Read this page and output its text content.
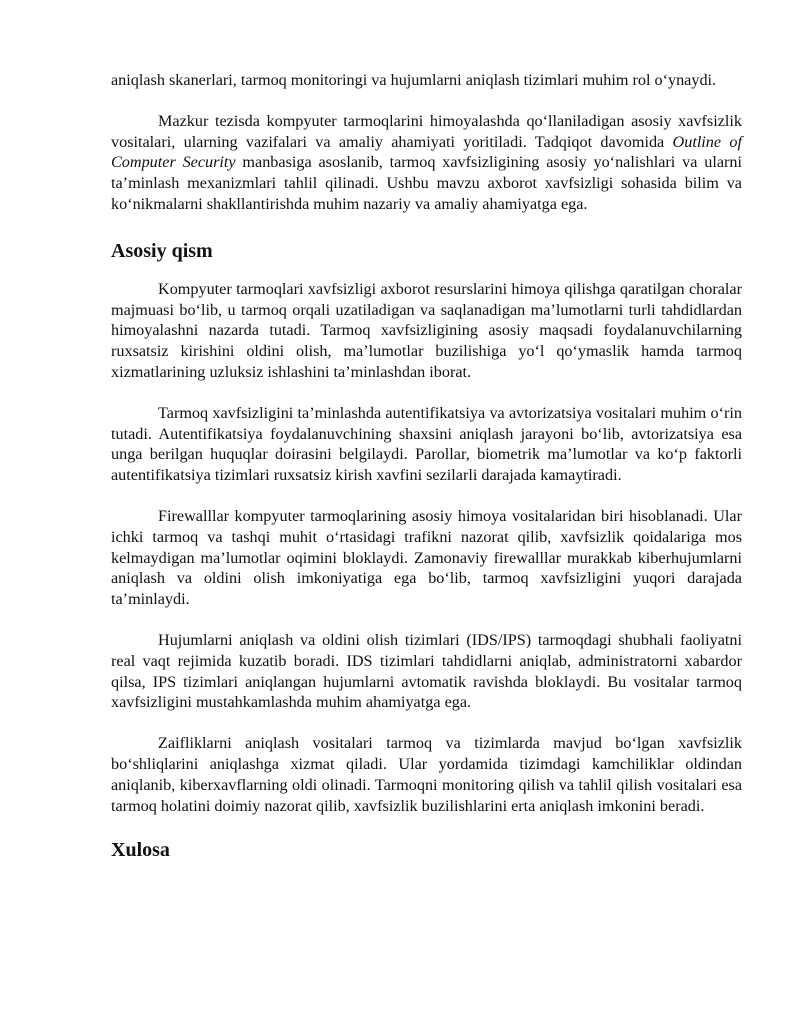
aniqlash skanerlari, tarmoq monitoringi va hujumlarni aniqlash tizimlari muhim rol o‘ynaydi.

Mazkur tezisda kompyuter tarmoqlarini himoyalashda qo‘llaniladigan asosiy xavfsizlik vositalari, ularning vazifalari va amaliy ahamiyati yoritiladi. Tadqiqot davomida Outline of Computer Security manbasiga asoslanib, tarmoq xavfsizligining asosiy yo‘nalishlari va ularni ta’minlash mexanizmlari tahlil qilinadi. Ushbu mavzu axborot xavfsizligi sohasida bilim va ko‘nikmalarni shakllantirishda muhim nazariy va amaliy ahamiyatga ega.

Asosiy qism

Kompyuter tarmoqlari xavfsizligi axborot resurslarini himoya qilishga qaratilgan choralar majmuasi bo‘lib, u tarmoq orqali uzatiladigan va saqlanadigan ma’lumotlarni turli tahdidlardan himoyalashni nazarda tutadi. Tarmoq xavfsizligining asosiy maqsadi foydalanuvchilarning ruxsatsiz kirishini oldini olish, ma’lumotlar buzilishiga yo‘l qo‘ymaslik hamda tarmoq xizmatlarining uzluksiz ishlashini ta’minlashdan iborat.

Tarmoq xavfsizligini ta’minlashda autentifikatsiya va avtorizatsiya vositalari muhim o‘rin tutadi. Autentifikatsiya foydalanuvchining shaxsini aniqlash jarayoni bo‘lib, avtorizatsiya esa unga berilgan huquqlar doirasini belgilaydi. Parollar, biometrik ma’lumotlar va ko‘p faktorli autentifikatsiya tizimlari ruxsatsiz kirish xavfini sezilarli darajada kamaytiradi.

Firewalllar kompyuter tarmoqlarining asosiy himoya vositalaridan biri hisoblanadi. Ular ichki tarmoq va tashqi muhit o‘rtasidagi trafikni nazorat qilib, xavfsizlik qoidalariga mos kelmaydigan ma’lumotlar oqimini bloklaydi. Zamonaviy firewalllar murakkab kiberhujumlarni aniqlash va oldini olish imkoniyatiga ega bo‘lib, tarmoq xavfsizligini yuqori darajada ta’minlaydi.

Hujumlarni aniqlash va oldini olish tizimlari (IDS/IPS) tarmoqdagi shubhali faoliyatni real vaqt rejimida kuzatib boradi. IDS tizimlari tahdidlarni aniqlab, administratorni xabardor qilsa, IPS tizimlari aniqlangan hujumlarni avtomatik ravishda bloklaydi. Bu vositalar tarmoq xavfsizligini mustahkamlashda muhim ahamiyatga ega.

Zaifliklarni aniqlash vositalari tarmoq va tizimlarda mavjud bo‘lgan xavfsizlik bo‘shliqlarini aniqlashga xizmat qiladi. Ular yordamida tizimdagi kamchiliklar oldindan aniqlanib, kiberxavflarning oldi olinadi. Tarmoqni monitoring qilish va tahlil qilish vositalari esa tarmoq holatini doimiy nazorat qilib, xavfsizlik buzilishlarini erta aniqlash imkonini beradi.

Xulosa
